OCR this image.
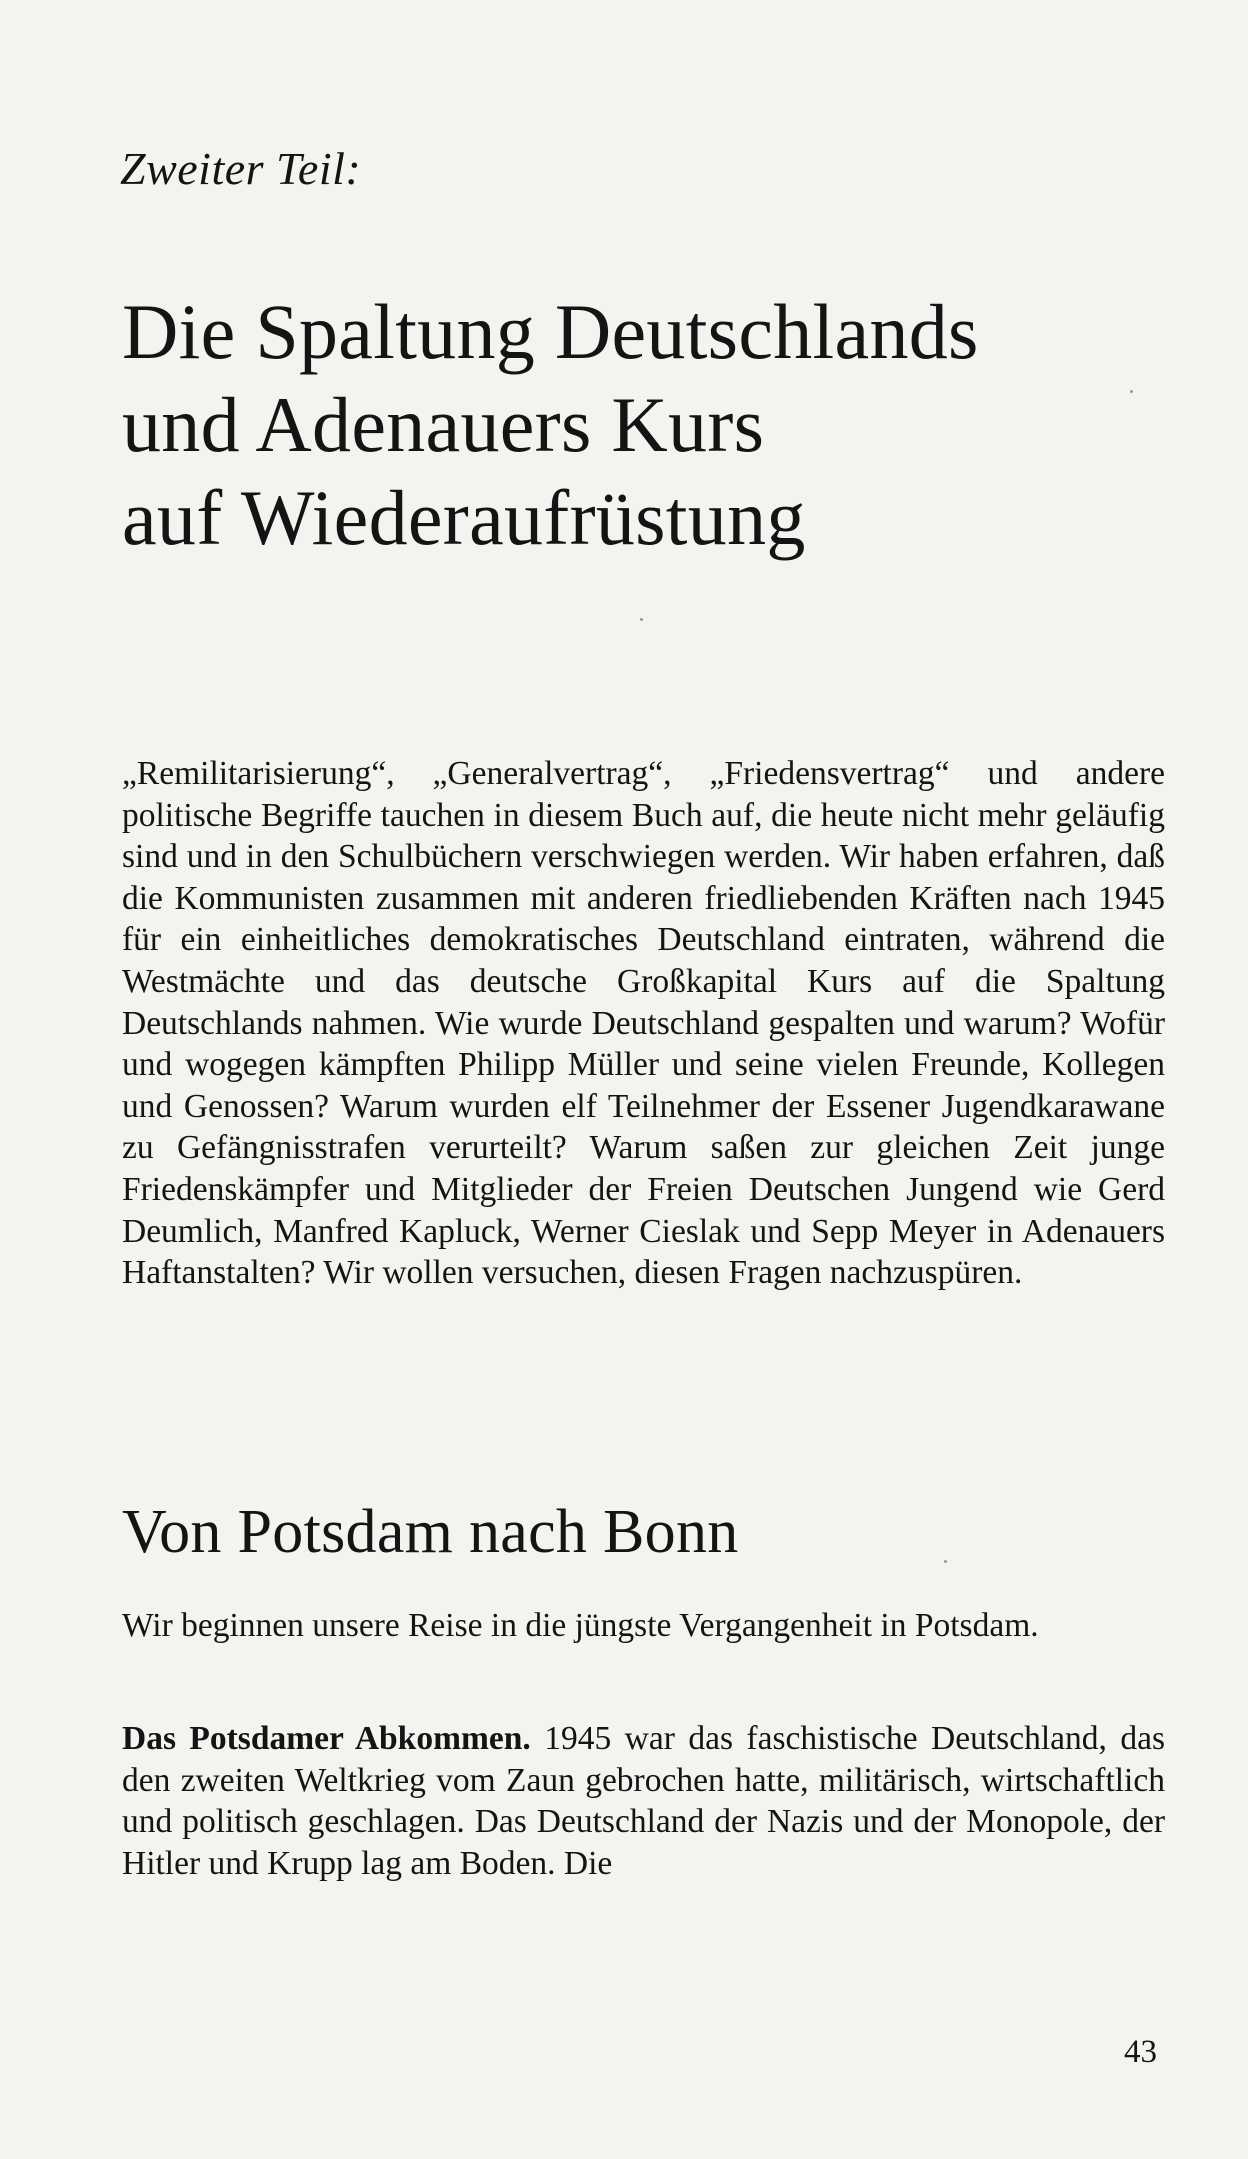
Zweiter Teil:
Die Spaltung Deutschlands
und Adenauers Kurs
auf Wiederaufrüstung

„Remilitarisierung“, „Generalvertrag“, „Friedensvertrag“ und andere politische Begriffe tauchen in diesem Buch auf, die heute nicht mehr geläufig sind und in den Schulbüchern verschwiegen werden. Wir haben erfahren, daß die Kommunisten zusammen mit anderen friedliebenden Kräften nach 1945 für ein einheitliches demokratisches Deutschland eintraten, während die Westmächte und das deutsche Großkapital Kurs auf die Spaltung Deutschlands nahmen. Wie wurde Deutschland gespalten und warum? Wofür und wogegen kämpften Philipp Müller und seine vielen Freunde, Kollegen und Genossen? Warum wurden elf Teilnehmer der Essener Jugendkarawane zu Gefängnisstrafen verurteilt? Warum saßen zur gleichen Zeit junge Friedenskämpfer und Mitglieder der Freien Deutschen Jungend wie Gerd Deumlich, Manfred Kapluck, Werner Cieslak und Sepp Meyer in Adenauers Haftanstalten? Wir wollen versuchen, diesen Fragen nachzuspüren.

Von Potsdam nach Bonn

Wir beginnen unsere Reise in die jüngste Vergangenheit in Potsdam.

Das Potsdamer Abkommen. 1945 war das faschistische Deutschland, das den zweiten Weltkrieg vom Zaun gebrochen hatte, militärisch, wirtschaftlich und politisch geschlagen. Das Deutschland der Nazis und der Monopole, der Hitler und Krupp lag am Boden. Die

43
